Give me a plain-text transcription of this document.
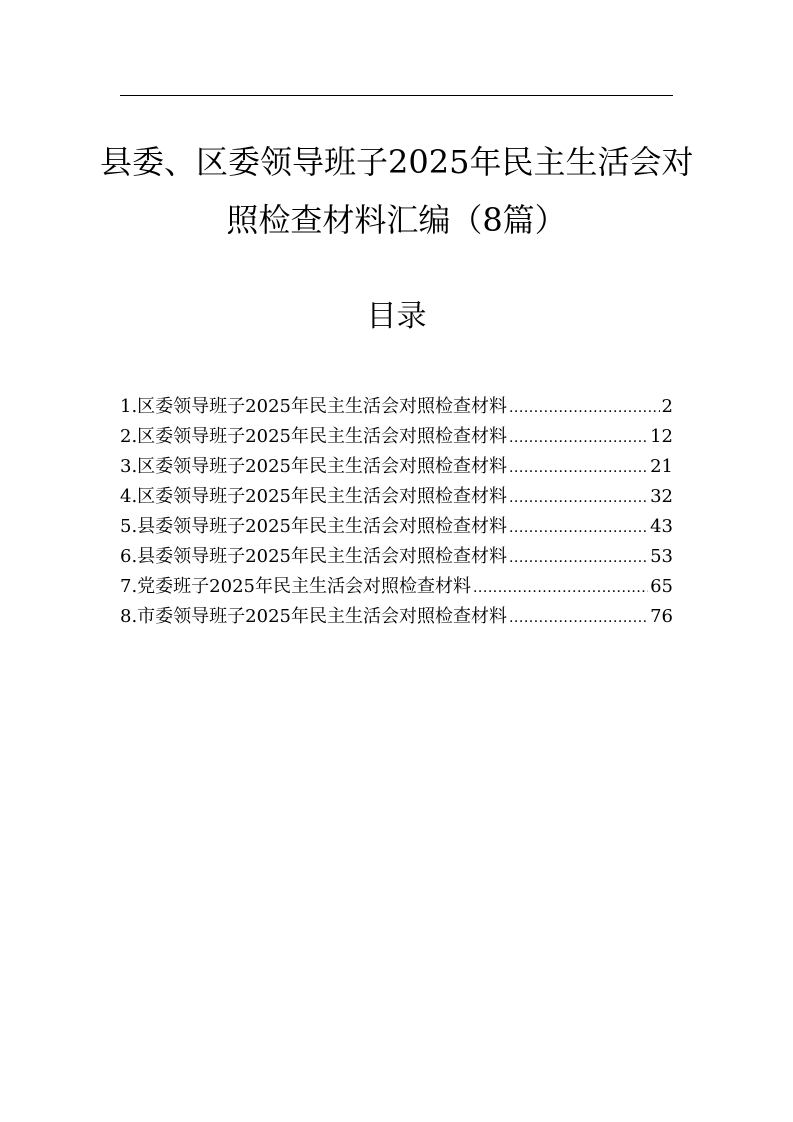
县委、区委领导班子2025年民主生活会对
照检查材料汇编（8篇）
目录
1.区委领导班子2025年民主生活会对照检查材料 .....	2
2.区委领导班子2025年民主生活会对照检查材料 .....	12
3.区委领导班子2025年民主生活会对照检查材料 .....	21
4.区委领导班子2025年民主生活会对照检查材料 .....	32
5.县委领导班子2025年民主生活会对照检查材料 .....	43
6.县委领导班子2025年民主生活会对照检查材料 .....	53
7.党委班子2025年民主生活会对照检查材料 .....	65
8.市委领导班子2025年民主生活会对照检查材料 .....	76
